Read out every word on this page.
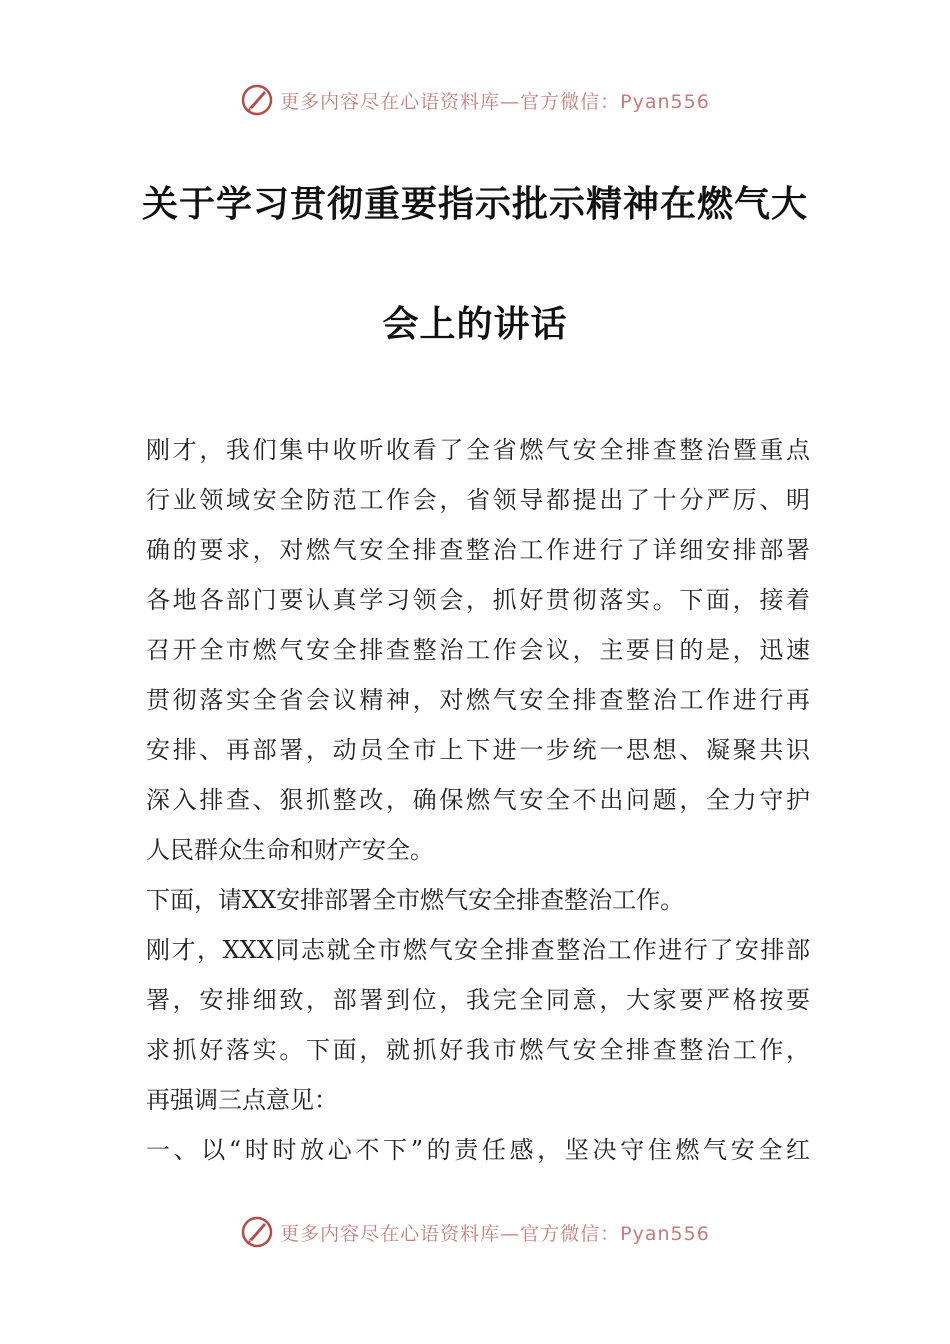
更多内容尽在心语资料库—官方微信：Pyan556
关于学习贯彻重要指示批示精神在燃气大
会上的讲话
刚才，我们集中收听收看了全省燃气安全排查整治暨重点
行业领域安全防范工作会，省领导都提出了十分严厉、明
确的要求，对燃气安全排查整治工作进行了详细安排部署
各地各部门要认真学习领会，抓好贯彻落实。下面，接着
召开全市燃气安全排查整治工作会议，主要目的是，迅速
贯彻落实全省会议精神，对燃气安全排查整治工作进行再
安排、再部署，动员全市上下进一步统一思想、凝聚共识
深入排查、狠抓整改，确保燃气安全不出问题，全力守护
人民群众生命和财产安全。
下面，请XX安排部署全市燃气安全排查整治工作。
刚才，XXX同志就全市燃气安全排查整治工作进行了安排部
署，安排细致，部署到位，我完全同意，大家要严格按要
求抓好落实。下面，就抓好我市燃气安全排查整治工作，
再强调三点意见：
一、以“时时放心不下”的责任感，坚决守住燃气安全红
更多内容尽在心语资料库—官方微信：Pyan556
